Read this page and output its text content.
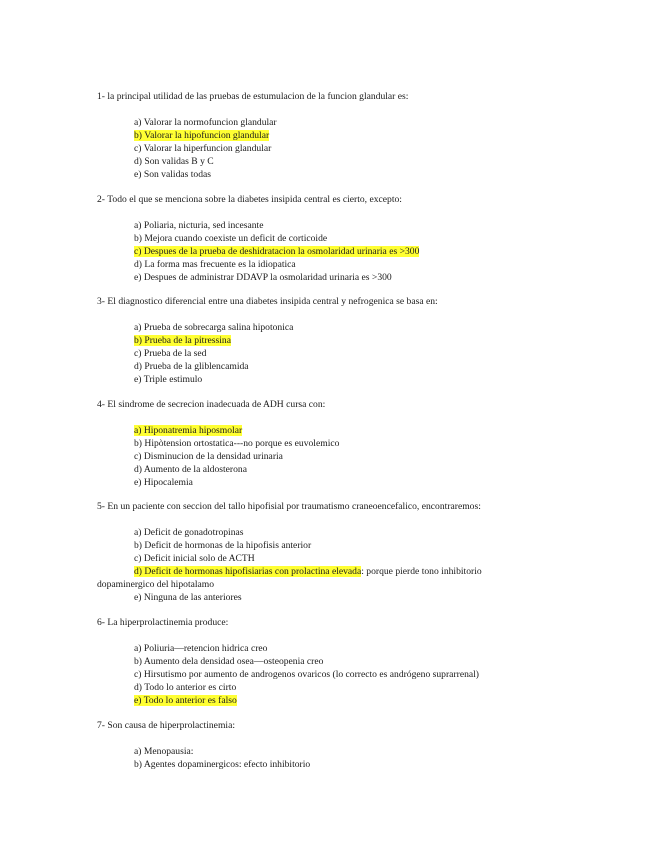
1- la principal utilidad de las pruebas de estumulacion de la funcion glandular es:

a) Valorar la normofuncion glandular
b) Valorar la hipofuncion glandular
c) Valorar la hiperfuncion glandular
d) Son validas B y C
e) Son validas todas

2- Todo el que se menciona sobre la diabetes insipida central es cierto, excepto:

a) Poliaria, nicturia, sed incesante
b) Mejora cuando coexiste un deficit de corticoide
c) Despues de la prueba de deshidratacion la osmolaridad urinaria es >300
d) La forma mas frecuente es la idiopatica
e) Despues de administrar DDAVP la osmolaridad urinaria es >300

3- El diagnostico diferencial entre una diabetes insipida central y nefrogenica se basa en:

a) Prueba de sobrecarga salina hipotonica
b) Prueba de la pitressina
c) Prueba de la sed
d) Prueba de la gliblencamida
e) Triple estimulo

4- El sindrome de secrecion inadecuada de ADH cursa con:

a) Hiponatremia hiposmolar
b) Hipòtension ortostatica---no porque es euvolemico
c) Disminucion de la densidad urinaria
d) Aumento de la aldosterona
e) Hipocalemia

5- En un paciente con seccion del tallo hipofisial por traumatismo craneoencefalico, encontraremos:

a) Deficit de gonadotropinas
b) Deficit de hormonas de la hipofisis anterior
c) Deficit inicial solo de ACTH
d) Deficit de hormonas hipofisiarias con prolactina elevada: porque pierde tono inhibitorio
dopaminergico del hipotalamo
e) Ninguna de las anteriores

6- La hiperprolactinemia produce:

a) Poliuria—retencion hidrica creo
b) Aumento dela densidad osea—osteopenia creo
c) Hirsutismo por aumento de androgenos ovaricos (lo correcto es andrógeno suprarrenal)
d) Todo lo anterior es cirto
e) Todo lo anterior es falso

7- Son causa de hiperprolactinemia:

a) Menopausia:
b) Agentes dopaminergicos: efecto inhibitorio
